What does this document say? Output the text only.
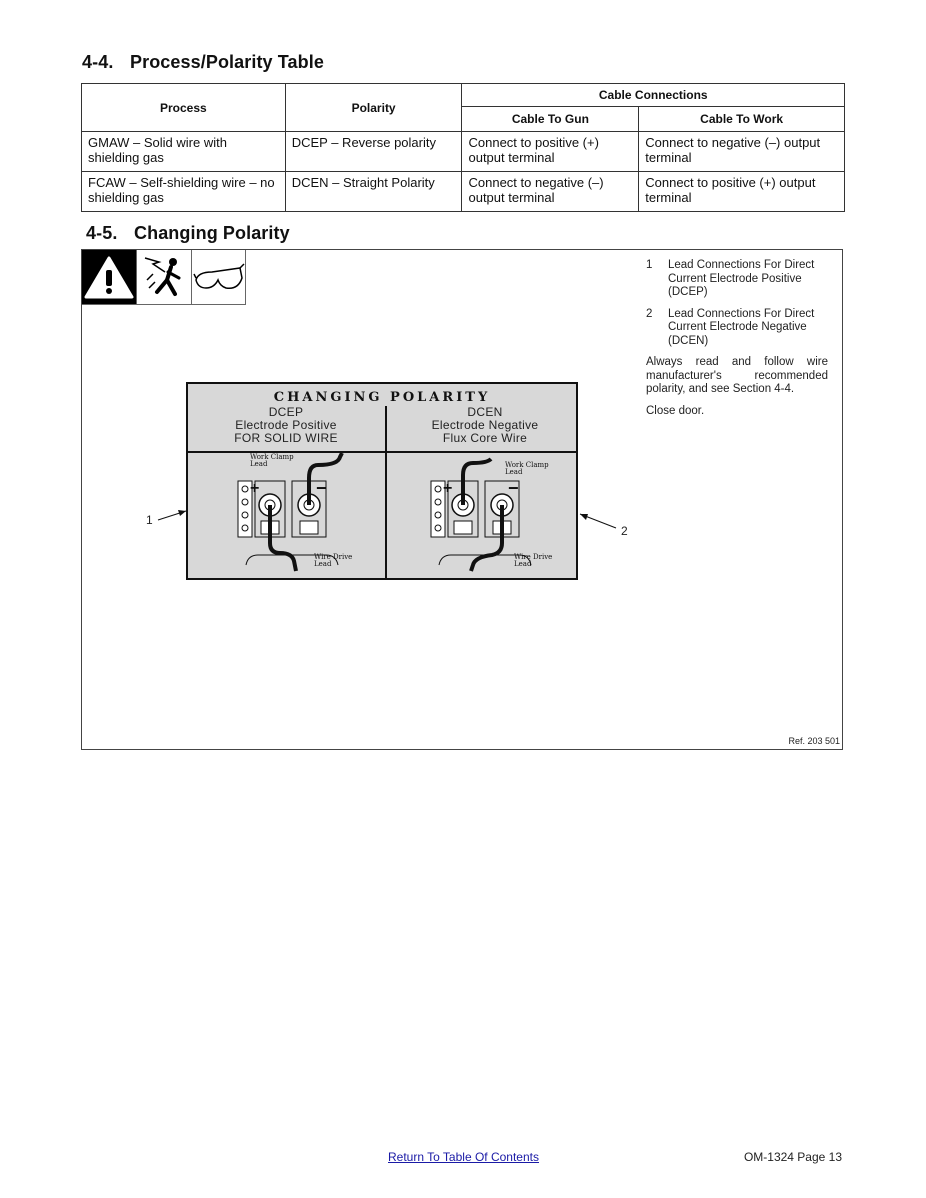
4-4. Process/Polarity Table
Process	Polarity	Cable Connections	
		Cable To Gun	Cable To Work
GMAW – Solid wire with shielding gas	DCEP – Reverse polarity	Connect to positive (+) output terminal	Connect to negative (–) output terminal
FCAW – Self-shielding wire – no shielding gas	DCEN – Straight Polarity	Connect to negative (–) output terminal	Connect to positive (+) output terminal
4-5. Changing Polarity
1 Lead Connections For Direct Current Electrode Positive (DCEP)
2 Lead Connections For Direct Current Electrode Negative (DCEN)

Always read and follow wire manufacturer's recommended polarity, and see Section 4-4.

Close door.

CHANGING POLARITY
DCEP
Electrode Positive
FOR SOLID WIRE
DCEN
Electrode Negative
Flux Core Wire
+	−
Work Clamp Lead
Wire Drive Lead
+	−
Work Clamp Lead
Wire Drive Lead
1
2
Ref. 203 501
Return To Table Of Contents	OM-1324 Page 13
